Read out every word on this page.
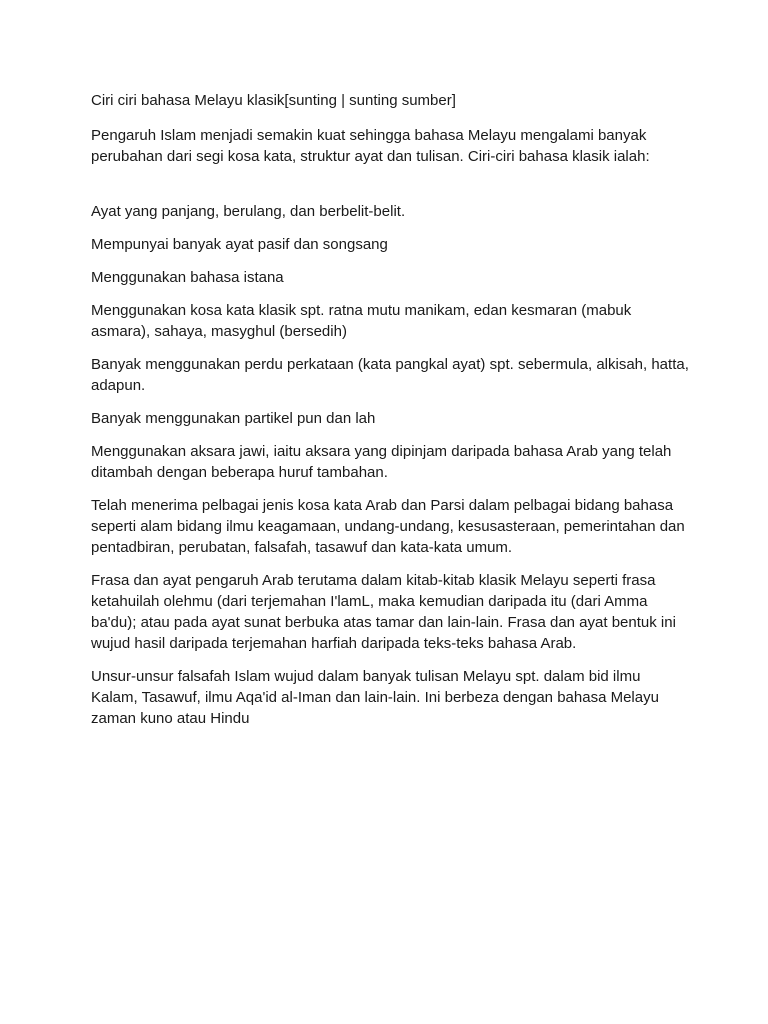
Ciri ciri bahasa Melayu klasik[sunting | sunting sumber]

Pengaruh Islam menjadi semakin kuat sehingga bahasa Melayu mengalami banyak perubahan dari segi kosa kata, struktur ayat dan tulisan. Ciri-ciri bahasa klasik ialah:

Ayat yang panjang, berulang, dan berbelit-belit.

Mempunyai banyak ayat pasif dan songsang

Menggunakan bahasa istana

Menggunakan kosa kata klasik spt. ratna mutu manikam, edan kesmaran (mabuk asmara), sahaya, masyghul (bersedih)

Banyak menggunakan perdu perkataan (kata pangkal ayat) spt. sebermula, alkisah, hatta, adapun.

Banyak menggunakan partikel pun dan lah

Menggunakan aksara jawi, iaitu aksara yang dipinjam daripada bahasa Arab yang telah ditambah dengan beberapa huruf tambahan.

Telah menerima pelbagai jenis kosa kata Arab dan Parsi dalam pelbagai bidang bahasa seperti alam bidang ilmu keagamaan, undang-undang, kesusasteraan, pemerintahan dan pentadbiran, perubatan, falsafah, tasawuf dan kata-kata umum.

Frasa dan ayat pengaruh Arab terutama dalam kitab-kitab klasik Melayu seperti frasa ketahuilah olehmu (dari terjemahan I'lamL, maka kemudian daripada itu (dari Amma ba'du); atau pada ayat sunat berbuka atas tamar dan lain-lain. Frasa dan ayat bentuk ini wujud hasil daripada terjemahan harfiah daripada teks-teks bahasa Arab.

Unsur-unsur falsafah Islam wujud dalam banyak tulisan Melayu spt. dalam bid ilmu Kalam, Tasawuf, ilmu Aqa'id al-Iman dan lain-lain. Ini berbeza dengan bahasa Melayu zaman kuno atau Hindu
